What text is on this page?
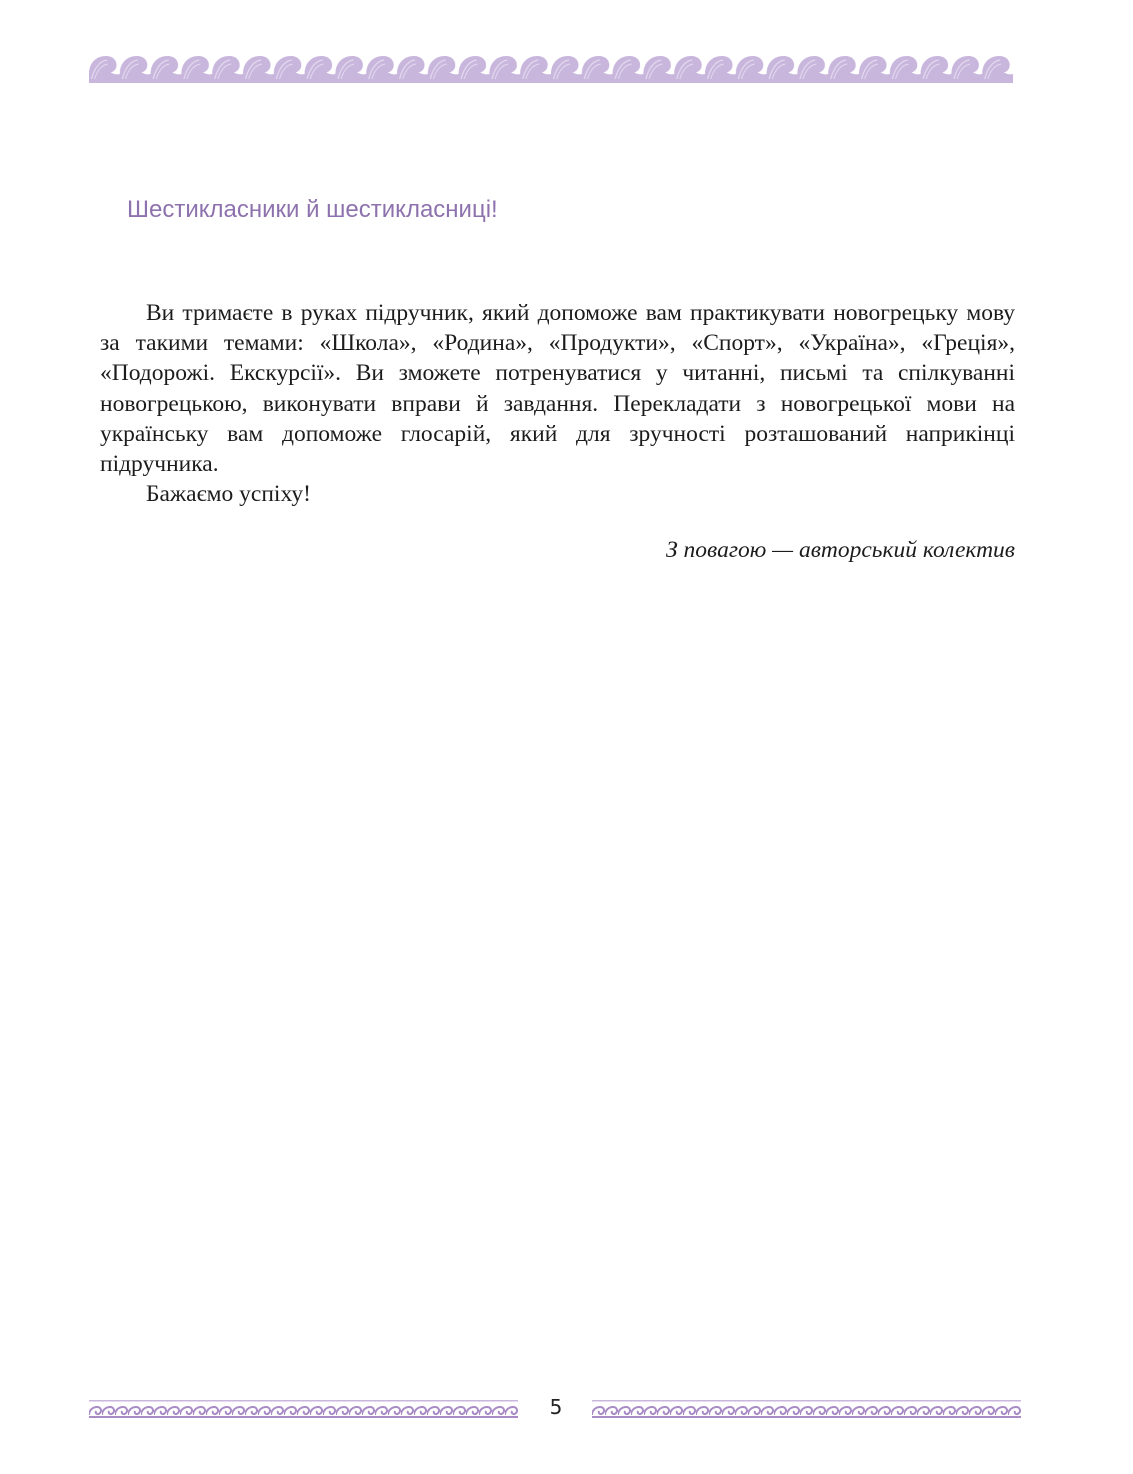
Шестикласники й шестикласниці!

Ви тримаєте в руках підручник, який допоможе вам практикувати новогрецьку мову за такими темами: «Школа», «Родина», «Продукти», «Спорт», «Україна», «Греція», «Подорожі. Екскурсії». Ви зможете потренуватися у читанні, письмі та спілкуванні новогрецькою, виконувати вправи й завдання. Перекладати з новогрецької мови на українську вам допоможе глосарій, який для зручності розташований наприкінці підручника.

Бажаємо успіху!

З повагою — авторський колектив

5
